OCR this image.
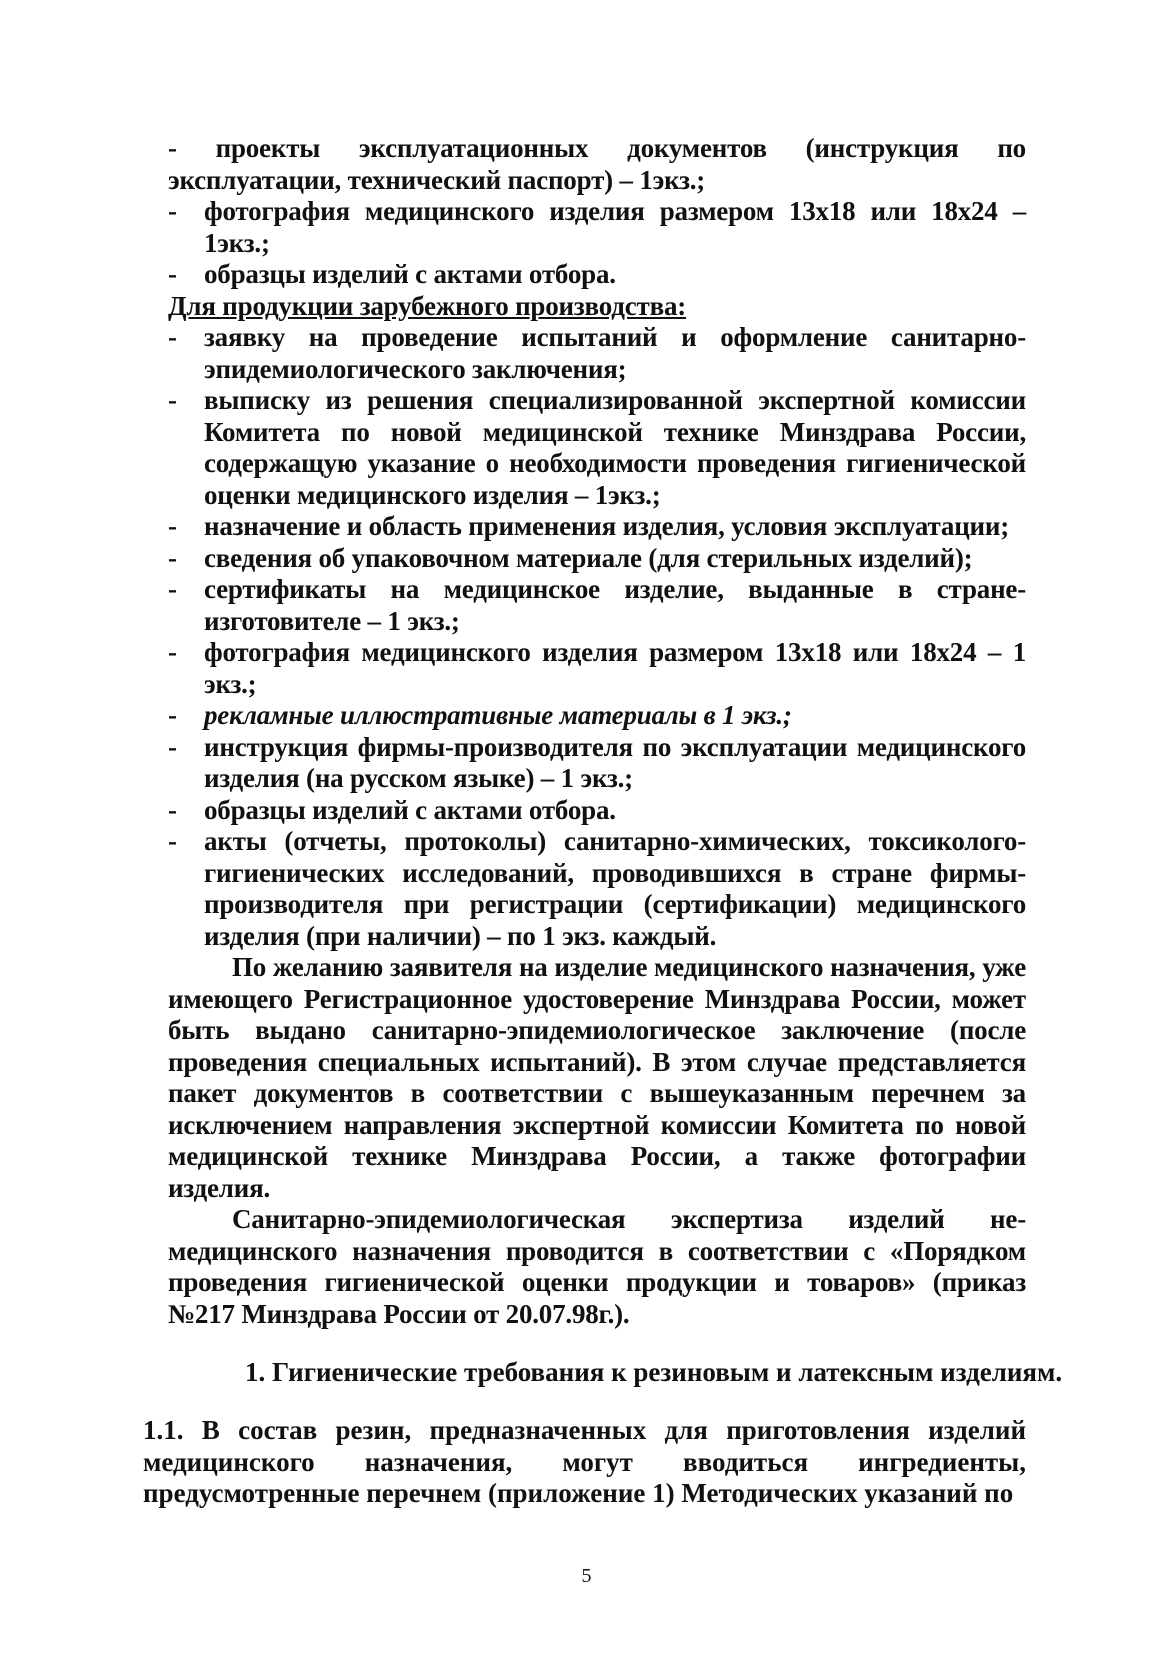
- проекты эксплуатационных документов (инструкция по эксплуатации, технический паспорт) – 1экз.;

- фотография медицинского изделия размером 13х18 или 18х24 – 1экз.;
- образцы изделий с актами отбора.

Для продукции зарубежного производства:

- заявку на проведение испытаний и оформление санитарно-эпидемиологического заключения;
- выписку из решения специализированной экспертной комиссии Комитета по новой медицинской технике Минздрава России, содержащую указание о необходимости проведения гигиенической оценки медицинского изделия – 1экз.;
- назначение и область применения изделия, условия эксплуатации;
- сведения об упаковочном материале (для стерильных изделий);
- сертификаты на медицинское изделие, выданные в стране-изготовителе – 1 экз.;
- фотография медицинского изделия размером 13х18 или 18х24 – 1 экз.;
- рекламные иллюстративные материалы в 1 экз.;
- инструкция фирмы-производителя по эксплуатации медицинского изделия (на русском языке) – 1 экз.;
- образцы изделий с актами отбора.
- акты (отчеты, протоколы) санитарно-химических, токсиколого-гигиенических исследований, проводившихся в стране фирмы-производителя при регистрации (сертификации) медицинского изделия (при наличии) – по 1 экз. каждый.

По желанию заявителя на изделие медицинского назначения, уже имеющего Регистрационное удостоверение Минздрава России, может быть выдано санитарно-эпидемиологическое заключение (после проведения специальных испытаний). В этом случае представляется пакет документов в соответствии с вышеуказанным перечнем за исключением направления экспертной комиссии Комитета по новой медицинской технике Минздрава России, а также фотографии изделия.

Санитарно-эпидемиологическая экспертиза изделий не-медицинского назначения проводится в соответствии с «Порядком проведения гигиенической оценки продукции и товаров» (приказ №217 Минздрава России от 20.07.98г.).

1. Гигиенические требования к резиновым и латексным изделиям.

1.1. В состав резин, предназначенных для приготовления изделий медицинского назначения, могут вводиться ингредиенты, предусмотренные перечнем (приложение 1) Методических указаний по

5
